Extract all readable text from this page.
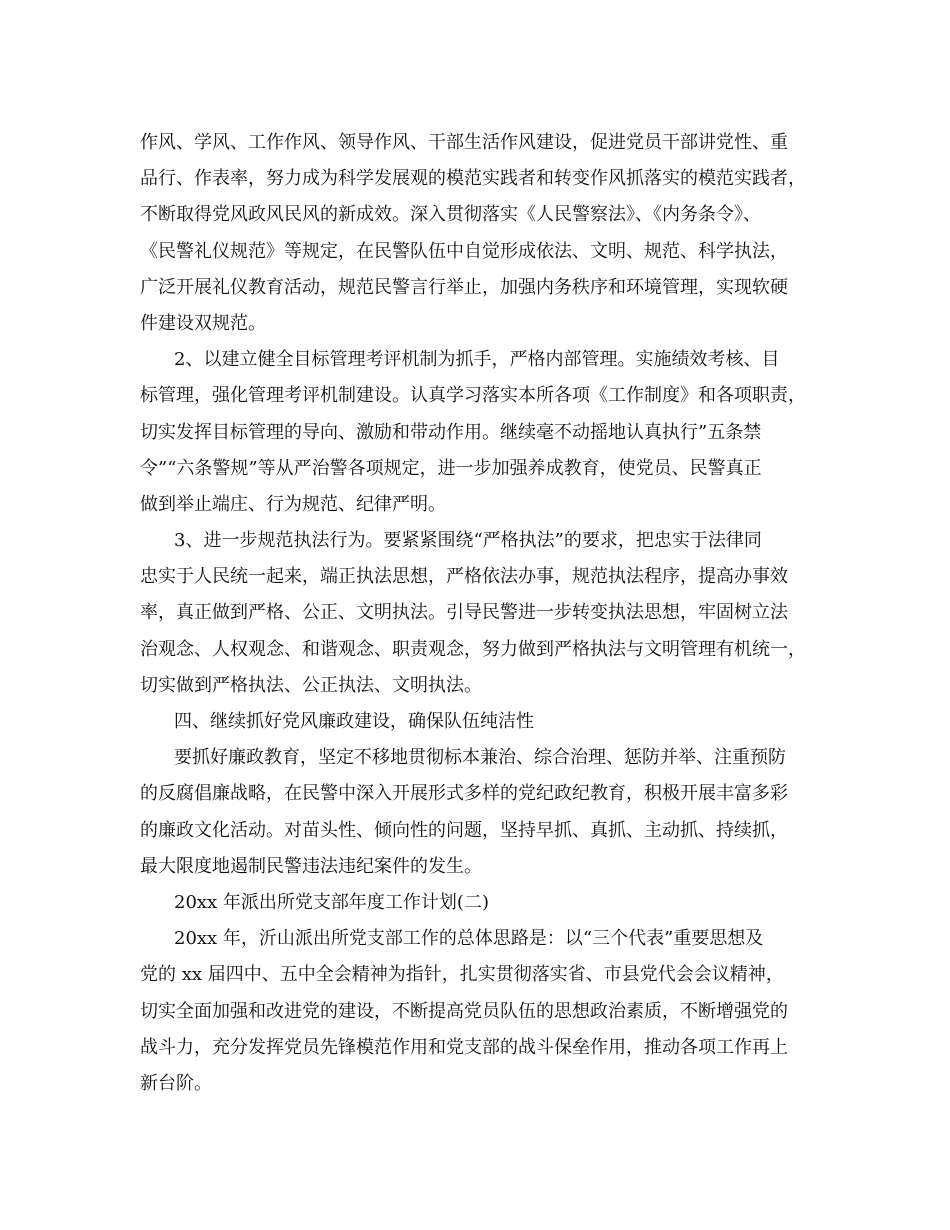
作风、学风、工作作风、领导作风、干部生活作风建设，促进党员干部讲党性、重
品行、作表率，努力成为科学发展观的模范实践者和转变作风抓落实的模范实践者，
不断取得党风政风民风的新成效。深入贯彻落实《人民警察法》、《内务条令》、
《民警礼仪规范》等规定，在民警队伍中自觉形成依法、文明、规范、科学执法，
广泛开展礼仪教育活动，规范民警言行举止，加强内务秩序和环境管理，实现软硬
件建设双规范。
2、以建立健全目标管理考评机制为抓手，严格内部管理。实施绩效考核、目
标管理，强化管理考评机制建设。认真学习落实本所各项《工作制度》和各项职责，
切实发挥目标管理的导向、激励和带动作用。继续毫不动摇地认真执行”五条禁
令”“六条警规”等从严治警各项规定，进一步加强养成教育，使党员、民警真正
做到举止端庄、行为规范、纪律严明。
3、进一步规范执法行为。要紧紧围绕“严格执法”的要求，把忠实于法律同
忠实于人民统一起来，端正执法思想，严格依法办事，规范执法程序，提高办事效
率，真正做到严格、公正、文明执法。引导民警进一步转变执法思想，牢固树立法
治观念、人权观念、和谐观念、职责观念，努力做到严格执法与文明管理有机统一，
切实做到严格执法、公正执法、文明执法。
四、继续抓好党风廉政建设，确保队伍纯洁性
要抓好廉政教育，坚定不移地贯彻标本兼治、综合治理、惩防并举、注重预防
的反腐倡廉战略，在民警中深入开展形式多样的党纪政纪教育，积极开展丰富多彩
的廉政文化活动。对苗头性、倾向性的问题，坚持早抓、真抓、主动抓、持续抓，
最大限度地遏制民警违法违纪案件的发生。
20xx 年派出所党支部年度工作计划(二)
20xx 年，沂山派出所党支部工作的总体思路是：以“三个代表”重要思想及
党的 xx 届四中、五中全会精神为指针，扎实贯彻落实省、市县党代会会议精神，
切实全面加强和改进党的建设，不断提高党员队伍的思想政治素质，不断增强党的
战斗力，充分发挥党员先锋模范作用和党支部的战斗保垒作用，推动各项工作再上
新台阶。
